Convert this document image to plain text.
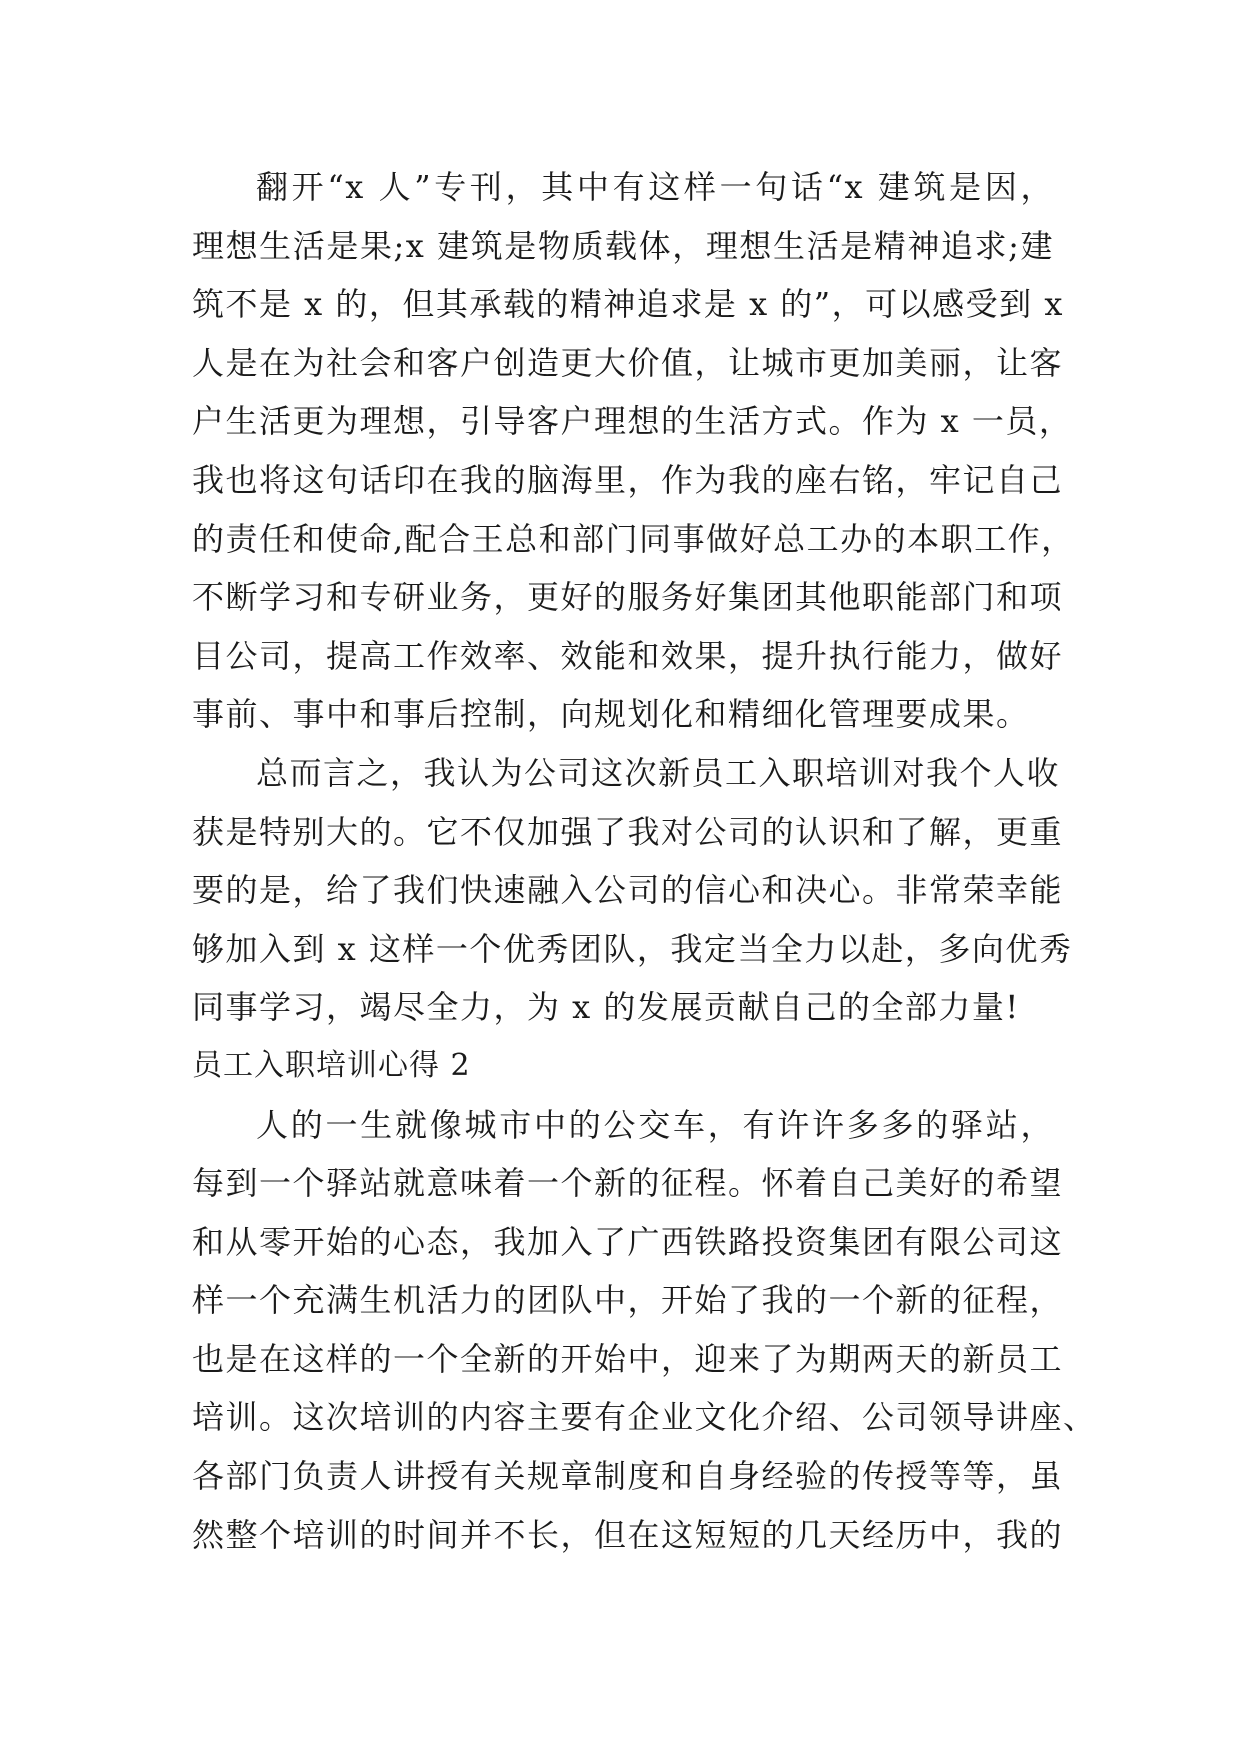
翻开“x 人”专刊，其中有这样一句话“x 建筑是因，
理想生活是果;x 建筑是物质载体，理想生活是精神追求;建
筑不是 x 的，但其承载的精神追求是 x 的”，可以感受到 x
人是在为社会和客户创造更大价值，让城市更加美丽，让客
户生活更为理想，引导客户理想的生活方式。作为 x 一员，
我也将这句话印在我的脑海里，作为我的座右铭，牢记自己
的责任和使命,配合王总和部门同事做好总工办的本职工作，
不断学习和专研业务，更好的服务好集团其他职能部门和项
目公司，提高工作效率、效能和效果，提升执行能力，做好
事前、事中和事后控制，向规划化和精细化管理要成果。
总而言之，我认为公司这次新员工入职培训对我个人收
获是特别大的。它不仅加强了我对公司的认识和了解，更重
要的是，给了我们快速融入公司的信心和决心。非常荣幸能
够加入到 x 这样一个优秀团队，我定当全力以赴，多向优秀
同事学习，竭尽全力，为 x 的发展贡献自己的全部力量!
员工入职培训心得 2
人的一生就像城市中的公交车，有许许多多的驿站，
每到一个驿站就意味着一个新的征程。怀着自己美好的希望
和从零开始的心态，我加入了广西铁路投资集团有限公司这
样一个充满生机活力的团队中，开始了我的一个新的征程，
也是在这样的一个全新的开始中，迎来了为期两天的新员工
培训。这次培训的内容主要有企业文化介绍、公司领导讲座、
各部门负责人讲授有关规章制度和自身经验的传授等等，虽
然整个培训的时间并不长，但在这短短的几天经历中，我的
